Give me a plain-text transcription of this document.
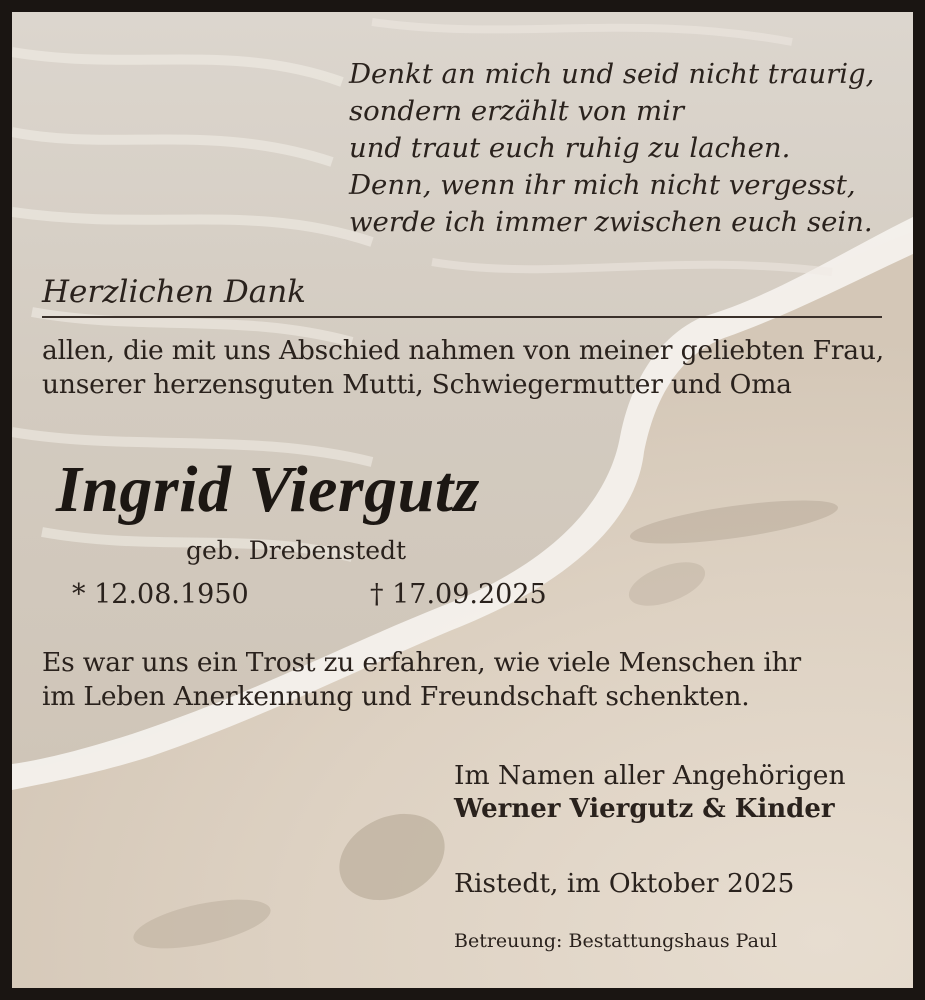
Denkt an mich und seid nicht traurig,
sondern erzählt von mir
und traut euch ruhig zu lachen.
Denn, wenn ihr mich nicht vergesst,
werde ich immer zwischen euch sein.
Herzlichen Dank
allen, die mit uns Abschied nahmen von meiner geliebten Frau, unserer herzensguten Mutti, Schwiegermutter und Oma
Ingrid Viergutz
geb. Drebenstedt
* 12.08.1950	† 17.09.2025
Es war uns ein Trost zu erfahren, wie viele Menschen ihr
im Leben Anerkennung und Freundschaft schenkten.
Im Namen aller Angehörigen
Werner Viergutz & Kinder
Ristedt, im Oktober 2025
Betreuung: Bestattungshaus Paul
